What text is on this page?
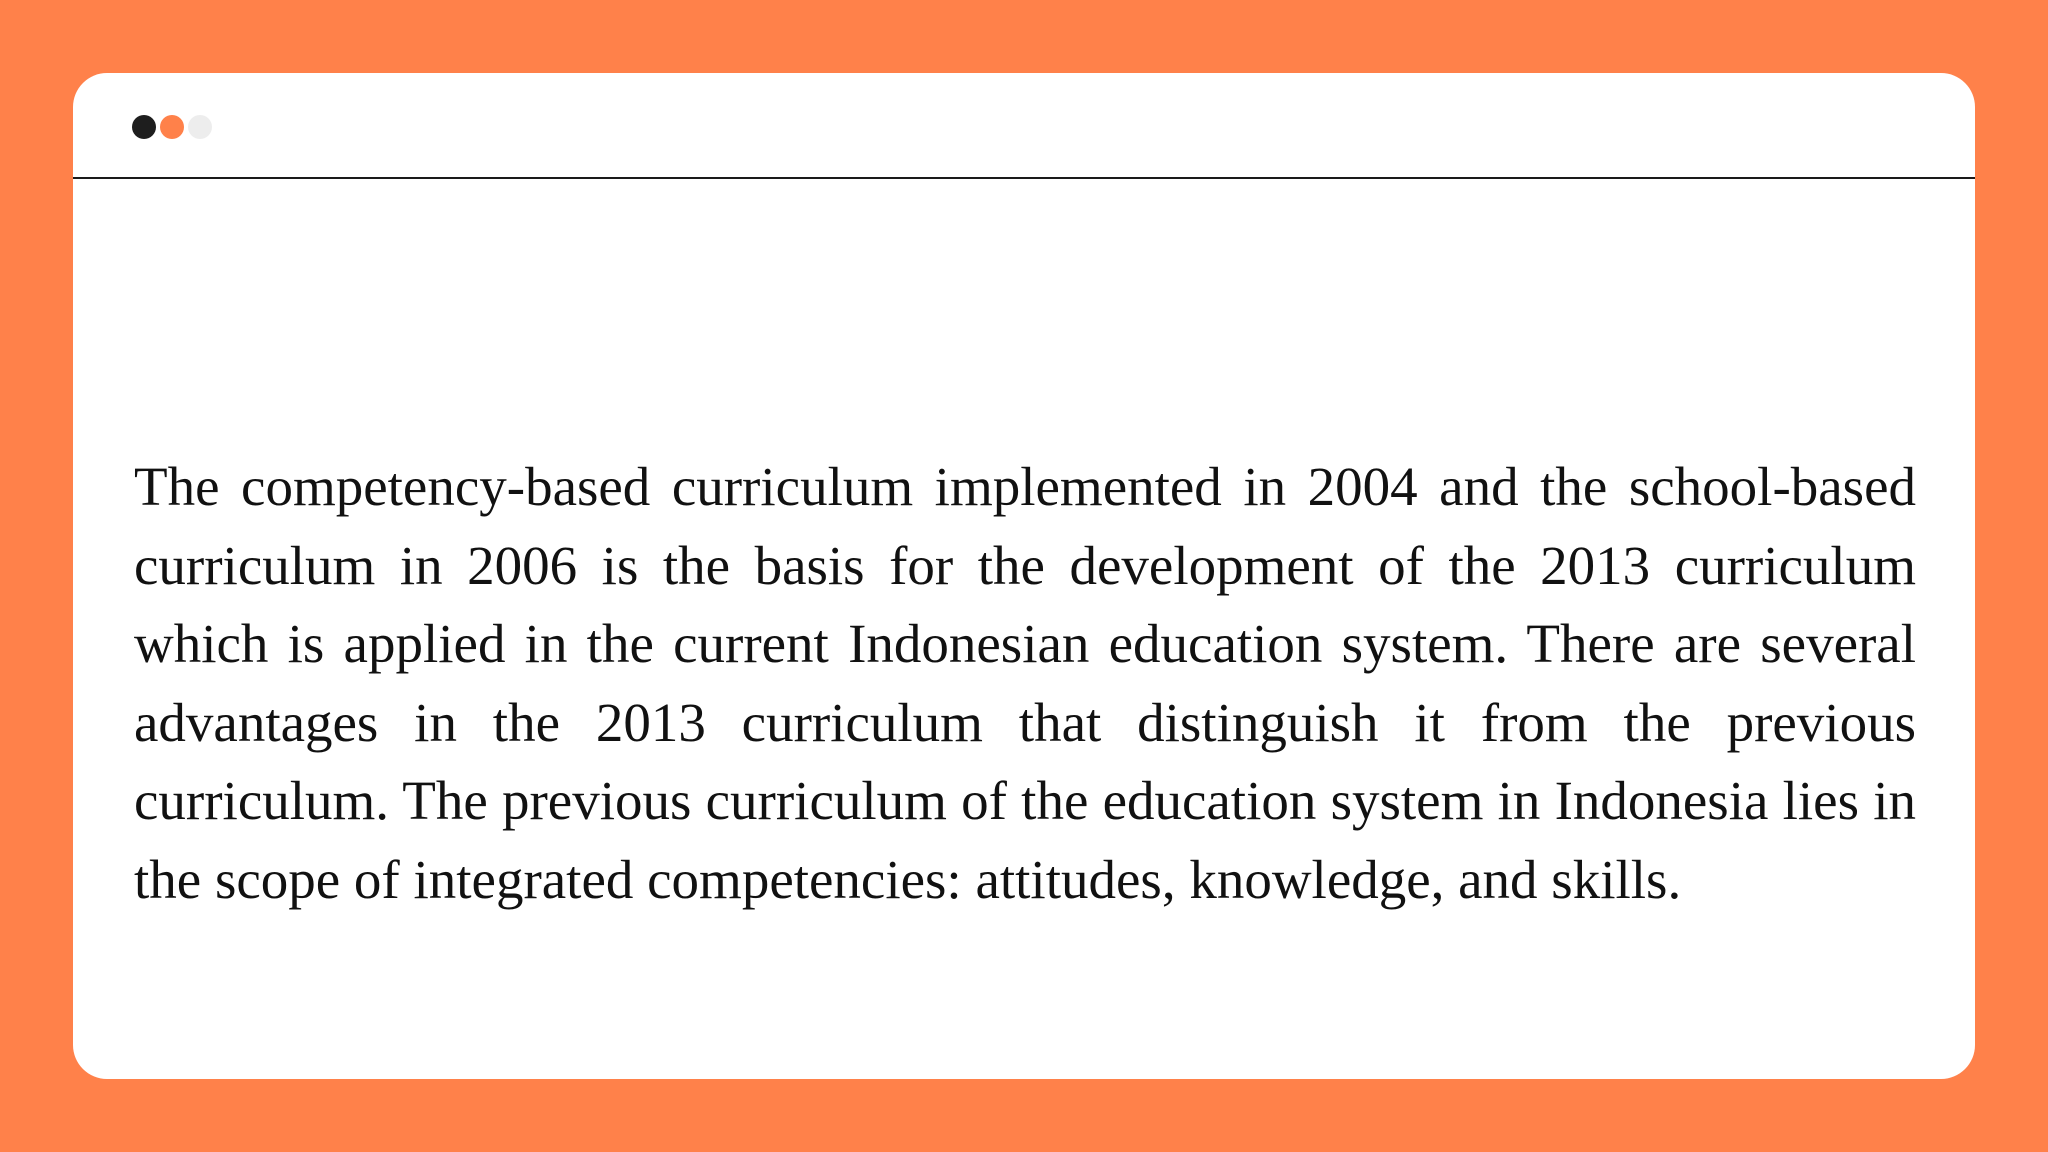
The competency-based curriculum implemented in 2004 and the school-based curriculum in 2006 is the basis for the development of the 2013 curriculum which is applied in the current Indonesian education system. There are several advantages in the 2013 curriculum that distinguish it from the previous curriculum. The previous curriculum of the education system in Indonesia lies in the scope of integrated competencies: attitudes, knowledge, and skills.
